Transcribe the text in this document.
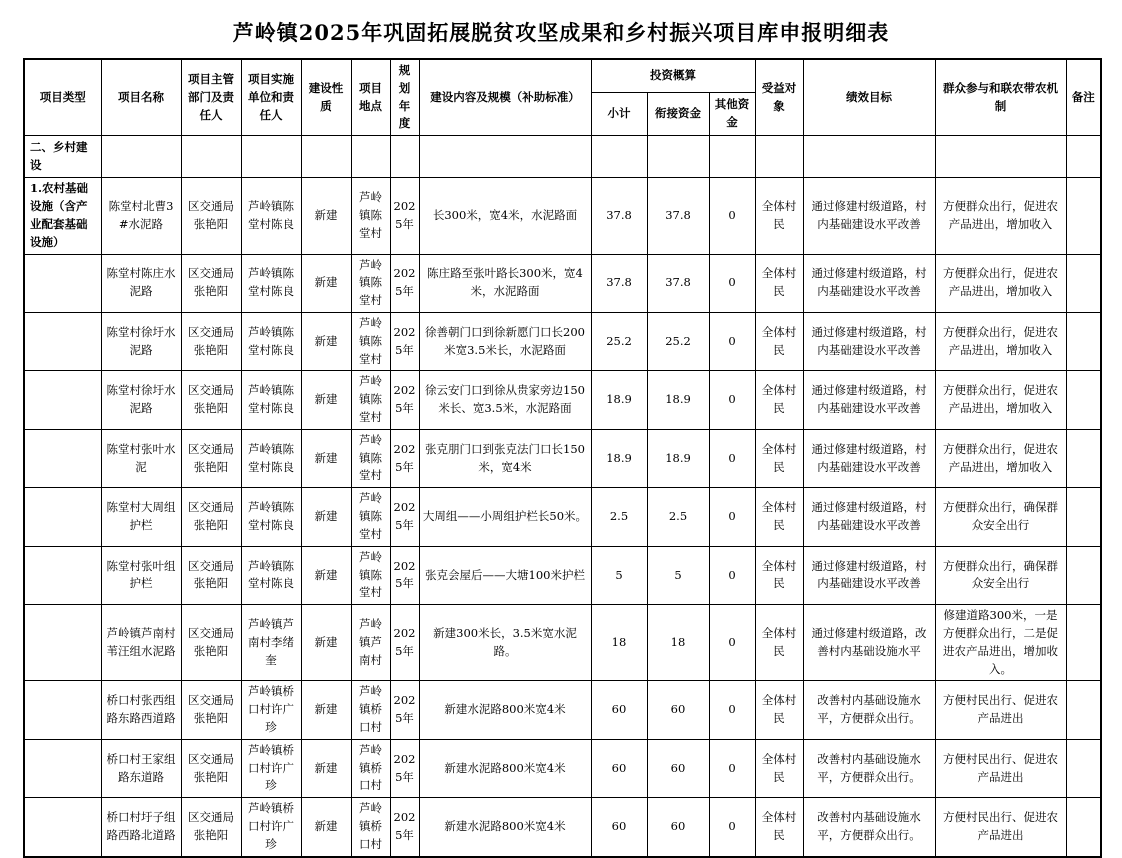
芦岭镇2025年巩固拓展脱贫攻坚成果和乡村振兴项目库申报明细表
项目类型	项目名称	项目主管部门及责任人	项目实施单位和责任人	建设性质	项目地点	规划年度	建设内容及规模（补助标准）	投资概算			受益对象	绩效目标	群众参与和联农带农机制	备注
								小计	衔接资金	其他资金				
二、乡村建设														
1.农村基础设施（含产业配套基础设施）	陈堂村北曹3#水泥路	区交通局张艳阳	芦岭镇陈堂村陈良	新建	芦岭镇陈堂村	2025年	长300米，宽4米，水泥路面	37.8	37.8	0	全体村民	通过修建村级道路，村内基础建设水平改善	方便群众出行，促进农产品进出，增加收入	
	陈堂村陈庄水泥路	区交通局张艳阳	芦岭镇陈堂村陈良	新建	芦岭镇陈堂村	2025年	陈庄路至张叶路长300米，宽4米，水泥路面	37.8	37.8	0	全体村民	通过修建村级道路，村内基础建设水平改善	方便群众出行，促进农产品进出，增加收入	
	陈堂村徐圩水泥路	区交通局张艳阳	芦岭镇陈堂村陈良	新建	芦岭镇陈堂村	2025年	徐善朝门口到徐新愿门口长200米宽3.5米长，水泥路面	25.2	25.2	0	全体村民	通过修建村级道路，村内基础建设水平改善	方便群众出行，促进农产品进出，增加收入	
	陈堂村徐圩水泥路	区交通局张艳阳	芦岭镇陈堂村陈良	新建	芦岭镇陈堂村	2025年	徐云安门口到徐从贵家旁边150米长、宽3.5米，水泥路面	18.9	18.9	0	全体村民	通过修建村级道路，村内基础建设水平改善	方便群众出行，促进农产品进出，增加收入	
	陈堂村张叶水泥	区交通局张艳阳	芦岭镇陈堂村陈良	新建	芦岭镇陈堂村	2025年	张克朋门口到张克法门口长150米，宽4米	18.9	18.9	0	全体村民	通过修建村级道路，村内基础建设水平改善	方便群众出行，促进农产品进出，增加收入	
	陈堂村大周组护栏	区交通局张艳阳	芦岭镇陈堂村陈良	新建	芦岭镇陈堂村	2025年	大周组——小周组护栏长50米。	2.5	2.5	0	全体村民	通过修建村级道路，村内基础建设水平改善	方便群众出行，确保群众安全出行	
	陈堂村张叶组护栏	区交通局张艳阳	芦岭镇陈堂村陈良	新建	芦岭镇陈堂村	2025年	张克会屋后——大塘100米护栏	5	5	0	全体村民	通过修建村级道路，村内基础建设水平改善	方便群众出行，确保群众安全出行	
	芦岭镇芦南村苇汪组水泥路	区交通局张艳阳	芦岭镇芦南村李绪奎	新建	芦岭镇芦南村	2025年	新建300米长，3.5米宽水泥路。	18	18	0	全体村民	通过修建村级道路，改善村内基础设施水平	修建道路300米，一是方便群众出行，二是促进农产品进出，增加收入。	
	桥口村张西组路东路西道路	区交通局张艳阳	芦岭镇桥口村许广珍	新建	芦岭镇桥口村	2025年	新建水泥路800米宽4米	60	60	0	全体村民	改善村内基础设施水平，方便群众出行。	方便村民出行、促进农产品进出	
	桥口村王家组路东道路	区交通局张艳阳	芦岭镇桥口村许广珍	新建	芦岭镇桥口村	2025年	新建水泥路800米宽4米	60	60	0	全体村民	改善村内基础设施水平，方便群众出行。	方便村民出行、促进农产品进出	
	桥口村圩子组路西路北道路	区交通局张艳阳	芦岭镇桥口村许广珍	新建	芦岭镇桥口村	2025年	新建水泥路800米宽4米	60	60	0	全体村民	改善村内基础设施水平，方便群众出行。	方便村民出行、促进农产品进出	
